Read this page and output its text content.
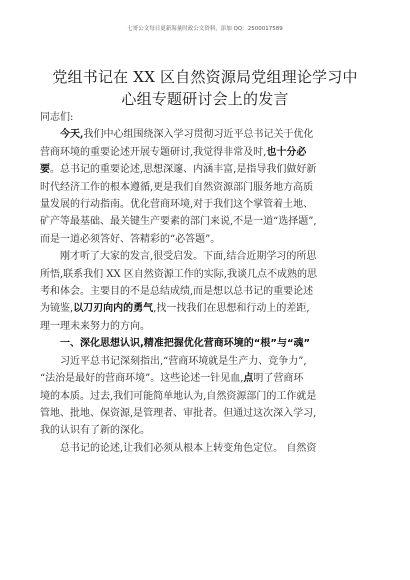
七哥公文每日更新海量时政公文资料，添加 QQ：2500017589
党组书记在 XX 区自然资源局党组理论学习中
心组专题研讨会上的发言
同志们:
今天,我们中心组围绕深入学习贯彻习近平总书记关于优化
营商环境的重要论述开展专题研讨,我觉得非常及时,也十分必
要。总书记的重要论述,思想深邃、内涵丰富,是指导我们做好新
时代经济工作的根本遵循,更是我们自然资源部门服务地方高质
量发展的行动指南。优化营商环境,对于我们这个掌管着土地、
矿产等最基础、最关键生产要素的部门来说,不是一道“选择题”,
而是一道必须答好、答精彩的“必答题”。
刚才听了大家的发言,很受启发。下面,结合近期学习的所思
所悟,联系我们 XX 区自然资源工作的实际,我谈几点不成熟的思
考和体会。主要目的不是总结成绩,而是想以总书记的重要论述
为镜鉴,以刀刃向内的勇气,找一找我们在思想和行动上的差距,
理一理未来努力的方向。
一、深化思想认识,精准把握优化营商环境的“根”与“魂”
习近平总书记深刻指出,“营商环境就是生产力、竞争力”,
“法治是最好的营商环境”。这些论述一针见血,点明了营商环
境的本质。过去,我们可能简单地认为,自然资源部门的工作就是
管地、批地、保资源,是管理者、审批者。但通过这次深入学习,
我的认识有了新的深化。
总书记的论述,让我们必须从根本上转变角色定位。 自然资
